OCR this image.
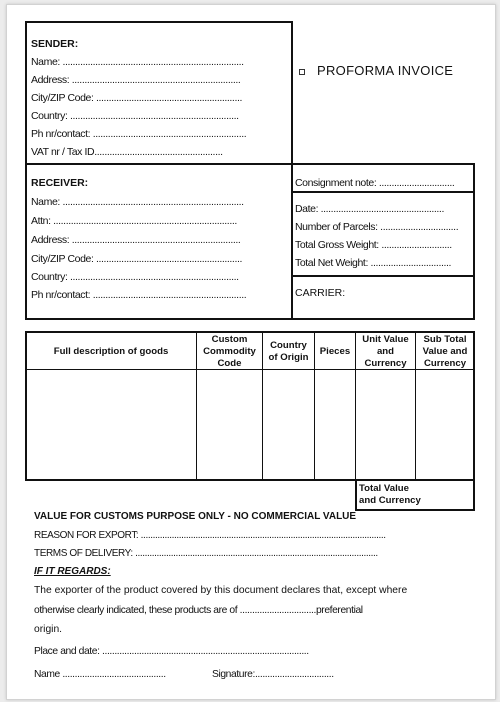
SENDER:
Name: ........................................................................
Address: ...................................................................
City/ZIP Code: ..........................................................
Country: ...................................................................
Ph nr/contact: .............................................................
VAT nr / Tax ID...................................................
PROFORMA INVOICE
RECEIVER:
Name: ........................................................................
Attn: .........................................................................
Address: ...................................................................
City/ZIP Code: ..........................................................
Country: ...................................................................
Ph nr/contact: .............................................................
Consignment note: ..............................
Date: .................................................
Number of Parcels: ...............................
Total Gross Weight: ............................
Total Net Weight: ................................
CARRIER:
Full description of goods
Custom
Commodity
Code
Country
of Origin
Pieces
Unit Value
and
Currency
Sub Total
Value and
Currency
Total Value
and Currency
VALUE FOR CUSTOMS PURPOSE ONLY - NO COMMERCIAL VALUE
REASON FOR EXPORT: .......................................................................................................
TERMS OF DELIVERY: ......................................................................................................
IF IT REGARDS:
The exporter of the product covered by this document declares that, except where
otherwise clearly indicated, these products are of ...............................preferential
origin.
Place and date: ....................................................................................
Name ..........................................	Signature:................................
